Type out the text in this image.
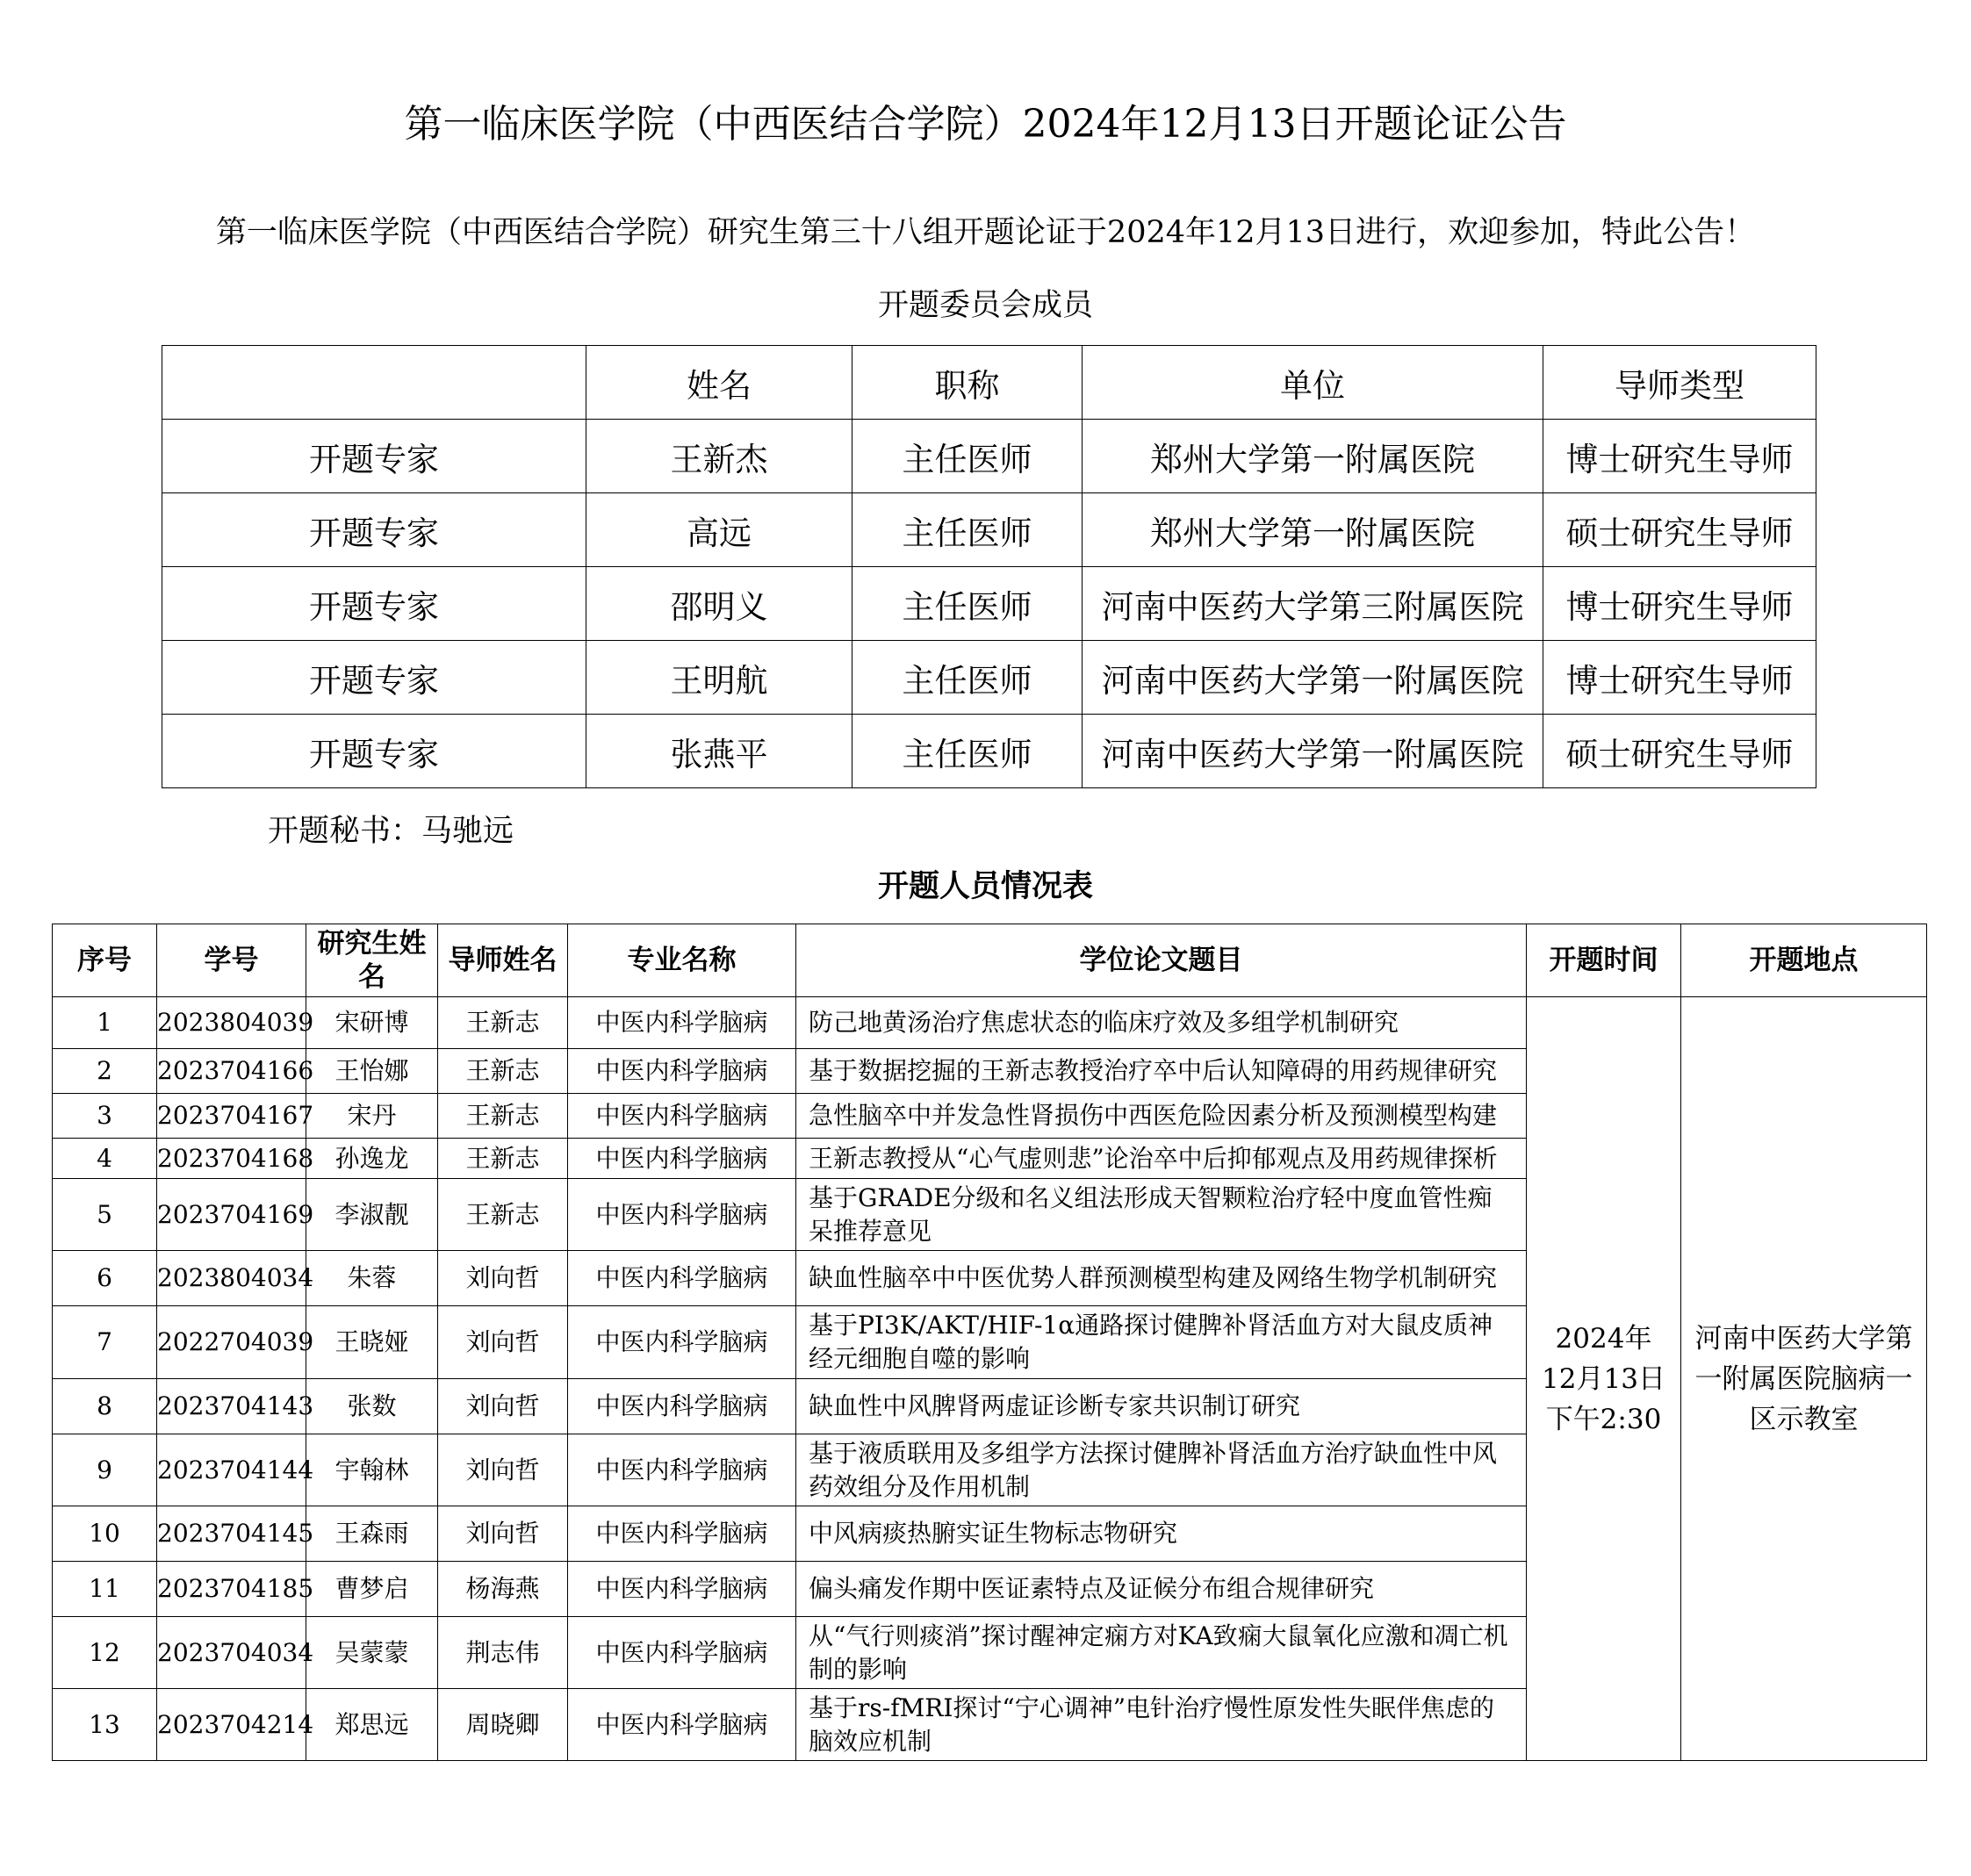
第一临床医学院（中西医结合学院）2024年12月13日开题论证公告
第一临床医学院（中西医结合学院）研究生第三十八组开题论证于2024年12月13日进行，欢迎参加，特此公告！
开题委员会成员
	姓名	职称	单位	导师类型
开题专家	王新杰	主任医师	郑州大学第一附属医院	博士研究生导师
开题专家	高远	主任医师	郑州大学第一附属医院	硕士研究生导师
开题专家	邵明义	主任医师	河南中医药大学第三附属医院	博士研究生导师
开题专家	王明航	主任医师	河南中医药大学第一附属医院	博士研究生导师
开题专家	张燕平	主任医师	河南中医药大学第一附属医院	硕士研究生导师
开题秘书：马驰远
开题人员情况表
序号	学号	研究生姓名	导师姓名	专业名称	学位论文题目	开题时间	开题地点
1	2023804039	宋研博	王新志	中医内科学脑病	防己地黄汤治疗焦虑状态的临床疗效及多组学机制研究	2024年12月13日下午2:30	河南中医药大学第一附属医院脑病一区示教室
2	2023704166	王怡娜	王新志	中医内科学脑病	基于数据挖掘的王新志教授治疗卒中后认知障碍的用药规律研究		
3	2023704167	宋丹	王新志	中医内科学脑病	急性脑卒中并发急性肾损伤中西医危险因素分析及预测模型构建		
4	2023704168	孙逸龙	王新志	中医内科学脑病	王新志教授从“心气虚则悲”论治卒中后抑郁观点及用药规律探析		
5	2023704169	李淑靓	王新志	中医内科学脑病	基于GRADE分级和名义组法形成天智颗粒治疗轻中度血管性痴呆推荐意见		
6	2023804034	朱蓉	刘向哲	中医内科学脑病	缺血性脑卒中中医优势人群预测模型构建及网络生物学机制研究		
7	2022704039	王晓娅	刘向哲	中医内科学脑病	基于PI3K/AKT/HIF-1α通路探讨健脾补肾活血方对大鼠皮质神经元细胞自噬的影响		
8	2023704143	张数	刘向哲	中医内科学脑病	缺血性中风脾肾两虚证诊断专家共识制订研究		
9	2023704144	宇翰林	刘向哲	中医内科学脑病	基于液质联用及多组学方法探讨健脾补肾活血方治疗缺血性中风药效组分及作用机制		
10	2023704145	王森雨	刘向哲	中医内科学脑病	中风病痰热腑实证生物标志物研究		
11	2023704185	曹梦启	杨海燕	中医内科学脑病	偏头痛发作期中医证素特点及证候分布组合规律研究		
12	2023704034	吴蒙蒙	荆志伟	中医内科学脑病	从“气行则痰消”探讨醒神定痫方对KA致痫大鼠氧化应激和凋亡机制的影响		
13	2023704214	郑思远	周晓卿	中医内科学脑病	基于rs-fMRI探讨“宁心调神”电针治疗慢性原发性失眠伴焦虑的脑效应机制		
